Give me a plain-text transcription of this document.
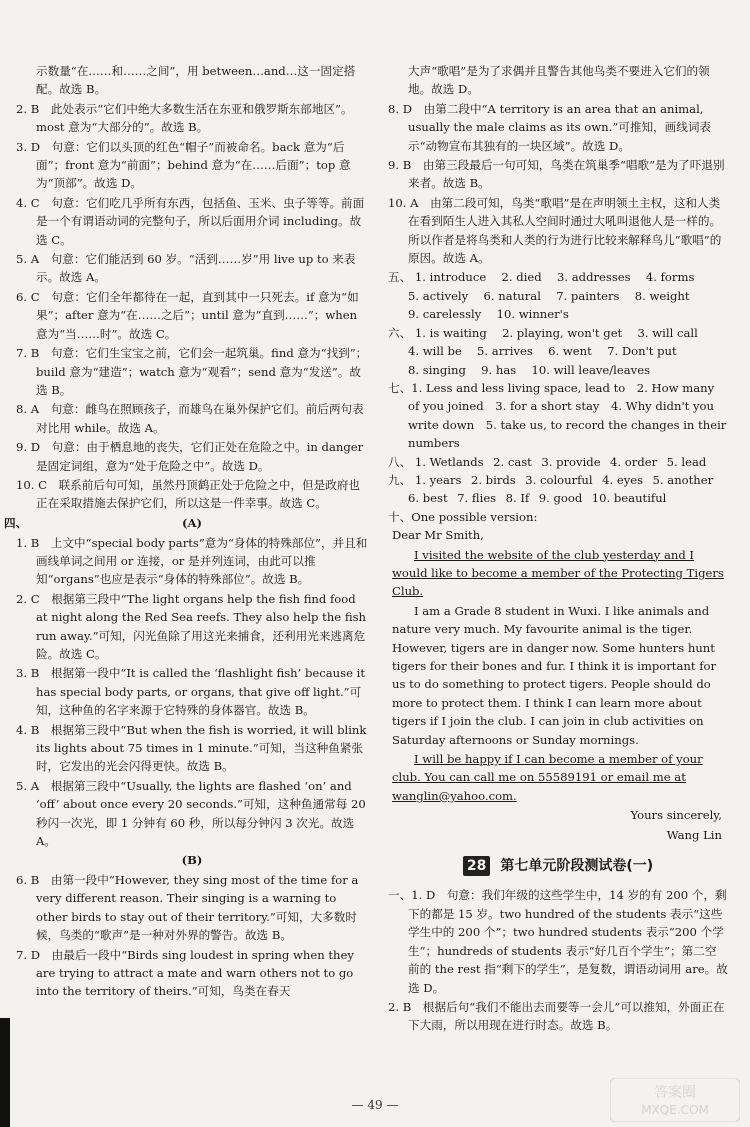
示数量“在……和……之间”，用 between…and…这一固定搭配。故选 B。

2. B　此处表示“它们中绝大多数生活在东亚和俄罗斯东部地区”。most 意为“大部分的”。故选 B。

3. D　句意：它们以头顶的红色“帽子”而被命名。back 意为“后面”；front 意为“前面”；behind 意为“在……后面”；top 意为“顶部”。故选 D。

4. C　句意：它们吃几乎所有东西，包括鱼、玉米、虫子等等。前面是一个有谓语动词的完整句子，所以后面用介词 including。故选 C。

5. A　句意：它们能活到 60 岁。“活到……岁”用 live up to 来表示。故选 A。

6. C　句意：它们全年都待在一起，直到其中一只死去。if 意为“如果”；after 意为“在……之后”；until 意为“直到……”；when 意为“当……时”。故选 C。

7. B　句意：它们生宝宝之前，它们会一起筑巢。find 意为“找到”；build 意为“建造”；watch 意为“观看”；send 意为“发送”。故选 B。

8. A　句意：雌鸟在照顾孩子，而雄鸟在巢外保护它们。前后两句表对比用 while。故选 A。

9. D　句意：由于栖息地的丧失，它们正处在危险之中。in danger 是固定词组，意为“处于危险之中”。故选 D。

10. C　联系前后句可知，虽然丹顶鹤正处于危险之中，但是政府也正在采取措施去保护它们，所以这是一件幸事。故选 C。

四、	(A)

1. B　上文中“special body parts”意为“身体的特殊部位”，并且和画线单词之间用 or 连接，or 是并列连词，由此可以推知“organs”也应是表示“身体的特殊部位”。故选 B。

2. C　根据第三段中“The light organs help the fish find food at night along the Red Sea reefs. They also help the fish run away.”可知，闪光鱼除了用这光来捕食，还利用光来逃离危险。故选 C。

3. B　根据第一段中“It is called the ‘flashlight fish’ because it has special body parts, or organs, that give off light.”可知，这种鱼的名字来源于它特殊的身体器官。故选 B。

4. B　根据第三段中“But when the fish is worried, it will blink its lights about 75 times in 1 minute.”可知，当这种鱼紧张时，它发出的光会闪得更快。故选 B。

5. A　根据第三段中“Usually, the lights are flashed ‘on’ and ‘off’ about once every 20 seconds.”可知，这种鱼通常每 20 秒闪一次光，即 1 分钟有 60 秒，所以每分钟闪 3 次光。故选 A。

(B)

6. B　由第一段中“However, they sing most of the time for a very different reason. Their singing is a warning to other birds to stay out of their territory.”可知，大多数时候，鸟类的“歌声”是一种对外界的警告。故选 B。

7. D　由最后一段中“Birds sing loudest in spring when they are trying to attract a mate and warn others not to go into the territory of theirs.”可知，鸟类在春天

大声“歌唱”是为了求偶并且警告其他鸟类不要进入它们的领地。故选 D。

8. D　由第二段中“A territory is an area that an animal, usually the male claims as its own.”可推知，画线词表示“动物宣布其独有的一块区域”。故选 D。

9. B　由第三段最后一句可知，鸟类在筑巢季“唱歌”是为了吓退别来者。故选 B。

10. A　由第二段可知，鸟类“歌唱”是在声明领土主权，这和人类在看到陌生人进入其私人空间时通过大吼叫退他人是一样的。所以作者是将鸟类和人类的行为进行比较来解释鸟儿“歌唱”的原因。故选 A。

五、 1. introduce  2. died  3. addresses  4. forms
5. actively  6. natural  7. painters  8. weight
9. carelessly  10. winner's
六、 1. is waiting  2. playing, won't get  3. will call
4. will be  5. arrives  6. went  7. Don't put
8. singing  9. has  10. will leave/leaves
七、1. Less and less living space, lead to　2. How many of you joined　3. for a short stay　4. Why didn't you write down　5. take us, to record the changes in their numbers
八、 1. Wetlands  2. cast  3. provide  4. order  5. lead
九、 1. years  2. birds  3. colourful  4. eyes  5. another
6. best  7. flies  8. If  9. good  10. beautiful
十、One possible version:

Dear Mr Smith,

I visited the website of the club yesterday and I would like to become a member of the Protecting Tigers Club.

I am a Grade 8 student in Wuxi. I like animals and nature very much. My favourite animal is the tiger. However, tigers are in danger now. Some hunters hunt tigers for their bones and fur. I think it is important for us to do something to protect tigers. People should do more to protect them. I think I can learn more about tigers if I join the club. I can join in club activities on Saturday afternoons or Sunday mornings.

I will be happy if I can become a member of your club. You can call me on 55589191 or email me at wanglin@yahoo.com.

Yours sincerely,

Wang Lin

28 第七单元阶段测试卷(一)

一、1. D　句意：我们年级的这些学生中，14 岁的有 200 个，剩下的都是 15 岁。two hundred of the students 表示“这些学生中的 200 个”；two hundred students 表示“200 个学生”；hundreds of students 表示“好几百个学生”；第二空前的 the rest 指“剩下的学生”，是复数，谓语动词用 are。故选 D。

2. B　根据后句“我们不能出去而要等一会儿”可以推知，外面正在下大雨，所以用现在进行时态。故选 B。

— 49 —
答案圈
MXQE.COM
